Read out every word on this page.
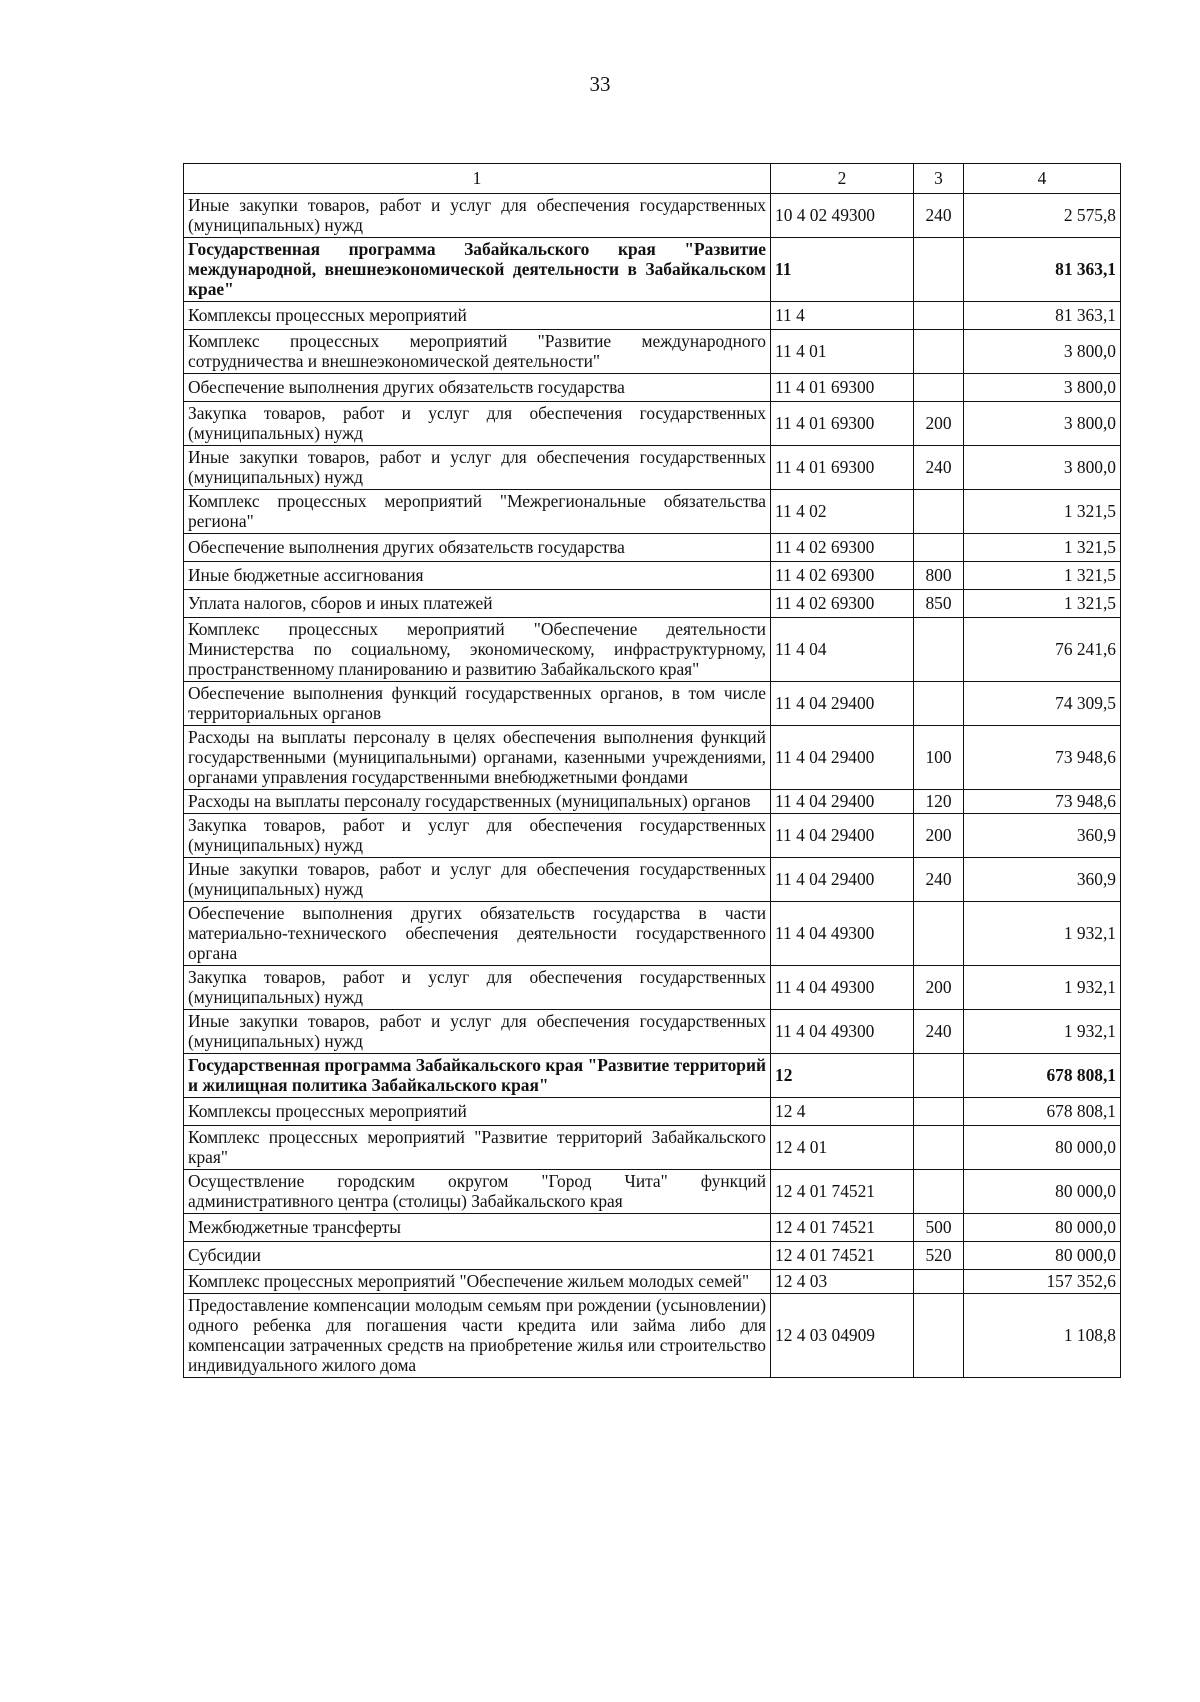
33
1	2	3	4
Иные закупки товаров, работ и услуг для обеспечения государственных (муниципальных) нужд	10 4 02 49300	240	2 575,8
Государственная программа Забайкальского края "Развитие международной, внешнеэкономической деятельности в Забайкальском крае"	11		81 363,1
Комплексы процессных мероприятий	11 4		81 363,1
Комплекс процессных мероприятий "Развитие международного сотрудничества и внешнеэкономической деятельности"	11 4 01		3 800,0
Обеспечение выполнения других обязательств государства	11 4 01 69300		3 800,0
Закупка товаров, работ и услуг для обеспечения государственных (муниципальных) нужд	11 4 01 69300	200	3 800,0
Иные закупки товаров, работ и услуг для обеспечения государственных (муниципальных) нужд	11 4 01 69300	240	3 800,0
Комплекс процессных мероприятий "Межрегиональные обязательства региона"	11 4 02		1 321,5
Обеспечение выполнения других обязательств государства	11 4 02 69300		1 321,5
Иные бюджетные ассигнования	11 4 02 69300	800	1 321,5
Уплата налогов, сборов и иных платежей	11 4 02 69300	850	1 321,5
Комплекс процессных мероприятий "Обеспечение деятельности Министерства по социальному, экономическому, инфраструктурному, пространственному планированию и развитию Забайкальского края"	11 4 04		76 241,6
Обеспечение выполнения функций государственных органов, в том числе территориальных органов	11 4 04 29400		74 309,5
Расходы на выплаты персоналу в целях обеспечения выполнения функций государственными (муниципальными) органами, казенными учреждениями, органами управления государственными внебюджетными фондами	11 4 04 29400	100	73 948,6
Расходы на выплаты персоналу государственных (муниципальных) органов	11 4 04 29400	120	73 948,6
Закупка товаров, работ и услуг для обеспечения государственных (муниципальных) нужд	11 4 04 29400	200	360,9
Иные закупки товаров, работ и услуг для обеспечения государственных (муниципальных) нужд	11 4 04 29400	240	360,9
Обеспечение выполнения других обязательств государства в части материально-технического обеспечения деятельности государственного органа	11 4 04 49300		1 932,1
Закупка товаров, работ и услуг для обеспечения государственных (муниципальных) нужд	11 4 04 49300	200	1 932,1
Иные закупки товаров, работ и услуг для обеспечения государственных (муниципальных) нужд	11 4 04 49300	240	1 932,1
Государственная программа Забайкальского края "Развитие территорий и жилищная политика Забайкальского края"	12		678 808,1
Комплексы процессных мероприятий	12 4		678 808,1
Комплекс процессных мероприятий "Развитие территорий Забайкальского края"	12 4 01		80 000,0
Осуществление городским округом "Город Чита" функций административного центра (столицы) Забайкальского края	12 4 01 74521		80 000,0
Межбюджетные трансферты	12 4 01 74521	500	80 000,0
Субсидии	12 4 01 74521	520	80 000,0
Комплекс процессных мероприятий "Обеспечение жильем молодых семей"	12 4 03		157 352,6
Предоставление компенсации молодым семьям при рождении (усыновлении) одного ребенка для погашения части кредита или займа либо для компенсации затраченных средств на приобретение жилья или строительство индивидуального жилого дома	12 4 03 04909		1 108,8
